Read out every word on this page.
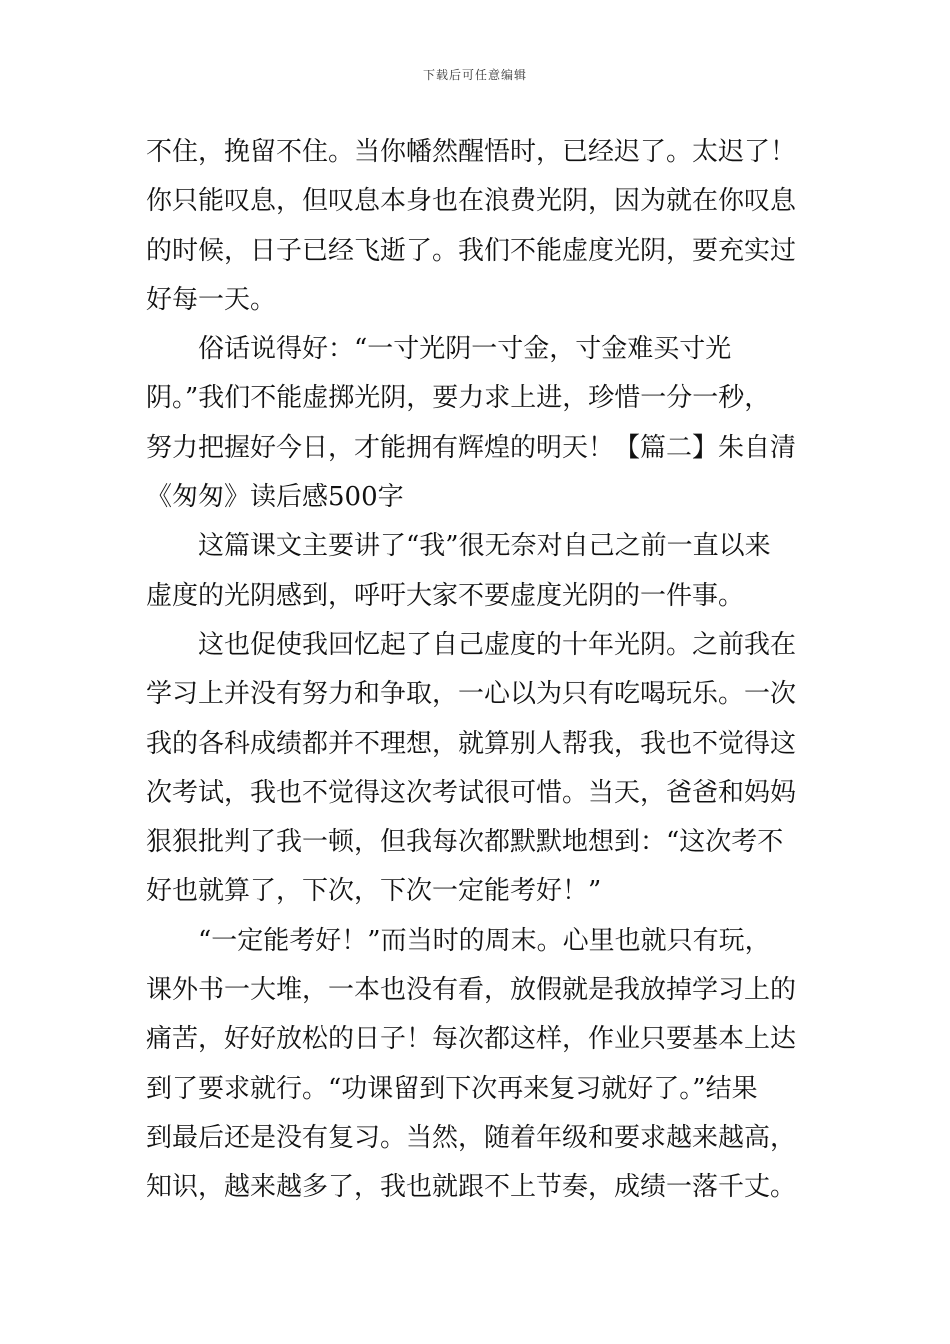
下载后可任意编辑
不住，挽留不住。当你幡然醒悟时，已经迟了。太迟了！
你只能叹息，但叹息本身也在浪费光阴，因为就在你叹息
的时候，日子已经飞逝了。我们不能虚度光阴，要充实过
好每一天。
俗话说得好：“一寸光阴一寸金，寸金难买寸光
阴。”我们不能虚掷光阴，要力求上进，珍惜一分一秒，
努力把握好今日，才能拥有辉煌的明天！【篇二】朱自清
《匆匆》读后感500字
这篇课文主要讲了“我”很无奈对自己之前一直以来
虚度的光阴感到，呼吁大家不要虚度光阴的一件事。
这也促使我回忆起了自己虚度的十年光阴。之前我在
学习上并没有努力和争取，一心以为只有吃喝玩乐。一次
我的各科成绩都并不理想，就算别人帮我，我也不觉得这
次考试，我也不觉得这次考试很可惜。当天，爸爸和妈妈
狠狠批判了我一顿，但我每次都默默地想到：“这次考不
好也就算了，下次，下次一定能考好！”
“一定能考好！”而当时的周末。心里也就只有玩，
课外书一大堆，一本也没有看，放假就是我放掉学习上的
痛苦，好好放松的日子！每次都这样，作业只要基本上达
到了要求就行。“功课留到下次再来复习就好了。”结果
到最后还是没有复习。当然，随着年级和要求越来越高，
知识，越来越多了，我也就跟不上节奏，成绩一落千丈。
